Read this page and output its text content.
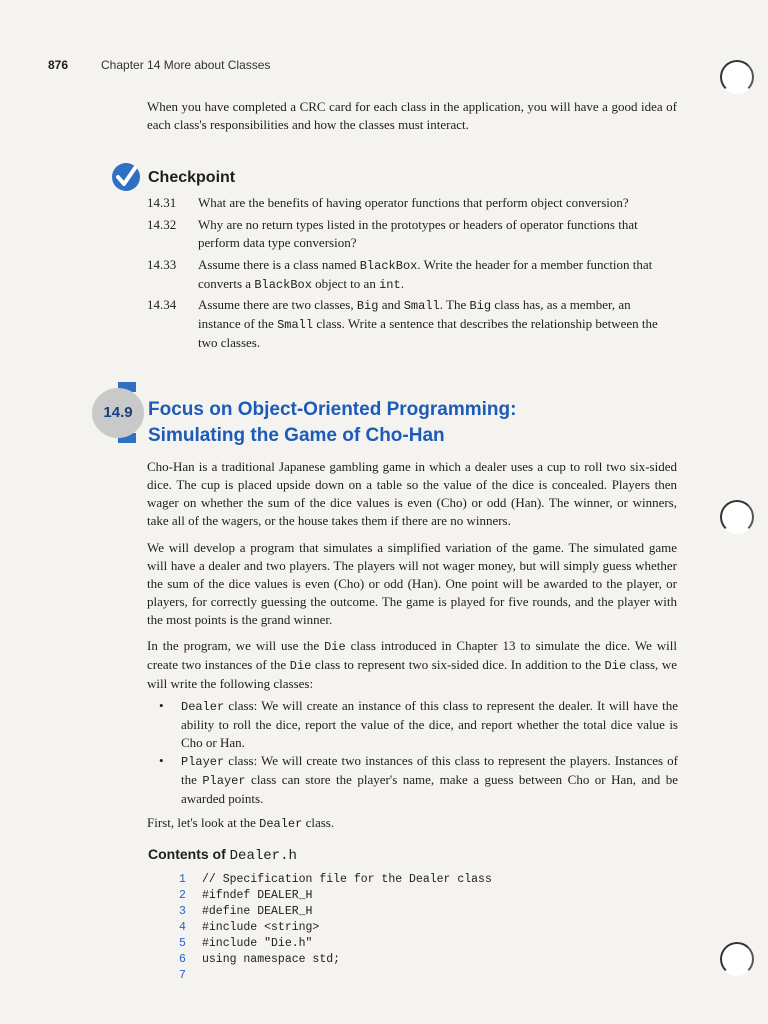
876	Chapter 14 More about Classes
When you have completed a CRC card for each class in the application, you will have a good idea of each class's responsibilities and how the classes must interact.
Checkpoint
14.31 What are the benefits of having operator functions that perform object conversion?
14.32 Why are no return types listed in the prototypes or headers of operator functions that perform data type conversion?
14.33 Assume there is a class named BlackBox. Write the header for a member function that converts a BlackBox object to an int.
14.34 Assume there are two classes, Big and Small. The Big class has, as a member, an instance of the Small class. Write a sentence that describes the relationship between the two classes.
14.9 Focus on Object-Oriented Programming:
Simulating the Game of Cho-Han
Cho-Han is a traditional Japanese gambling game in which a dealer uses a cup to roll two six-sided dice. The cup is placed upside down on a table so the value of the dice is concealed. Players then wager on whether the sum of the dice values is even (Cho) or odd (Han). The winner, or winners, take all of the wagers, or the house takes them if there are no winners.
We will develop a program that simulates a simplified variation of the game. The simulated game will have a dealer and two players. The players will not wager money, but will simply guess whether the sum of the dice values is even (Cho) or odd (Han). One point will be awarded to the player, or players, for correctly guessing the outcome. The game is played for five rounds, and the player with the most points is the grand winner.
In the program, we will use the Die class introduced in Chapter 13 to simulate the dice. We will create two instances of the Die class to represent two six-sided dice. In addition to the Die class, we will write the following classes:
•	Dealer class: We will create an instance of this class to represent the dealer. It will have the ability to roll the dice, report the value of the dice, and report whether the total dice value is Cho or Han.
•	Player class: We will create two instances of this class to represent the players. Instances of the Player class can store the player's name, make a guess between Cho or Han, and be awarded points.
First, let's look at the Dealer class.
Contents of Dealer.h
1	// Specification file for the Dealer class
2	#ifndef DEALER_H
3	#define DEALER_H
4	#include <string>
5	#include "Die.h"
6	using namespace std;
7
